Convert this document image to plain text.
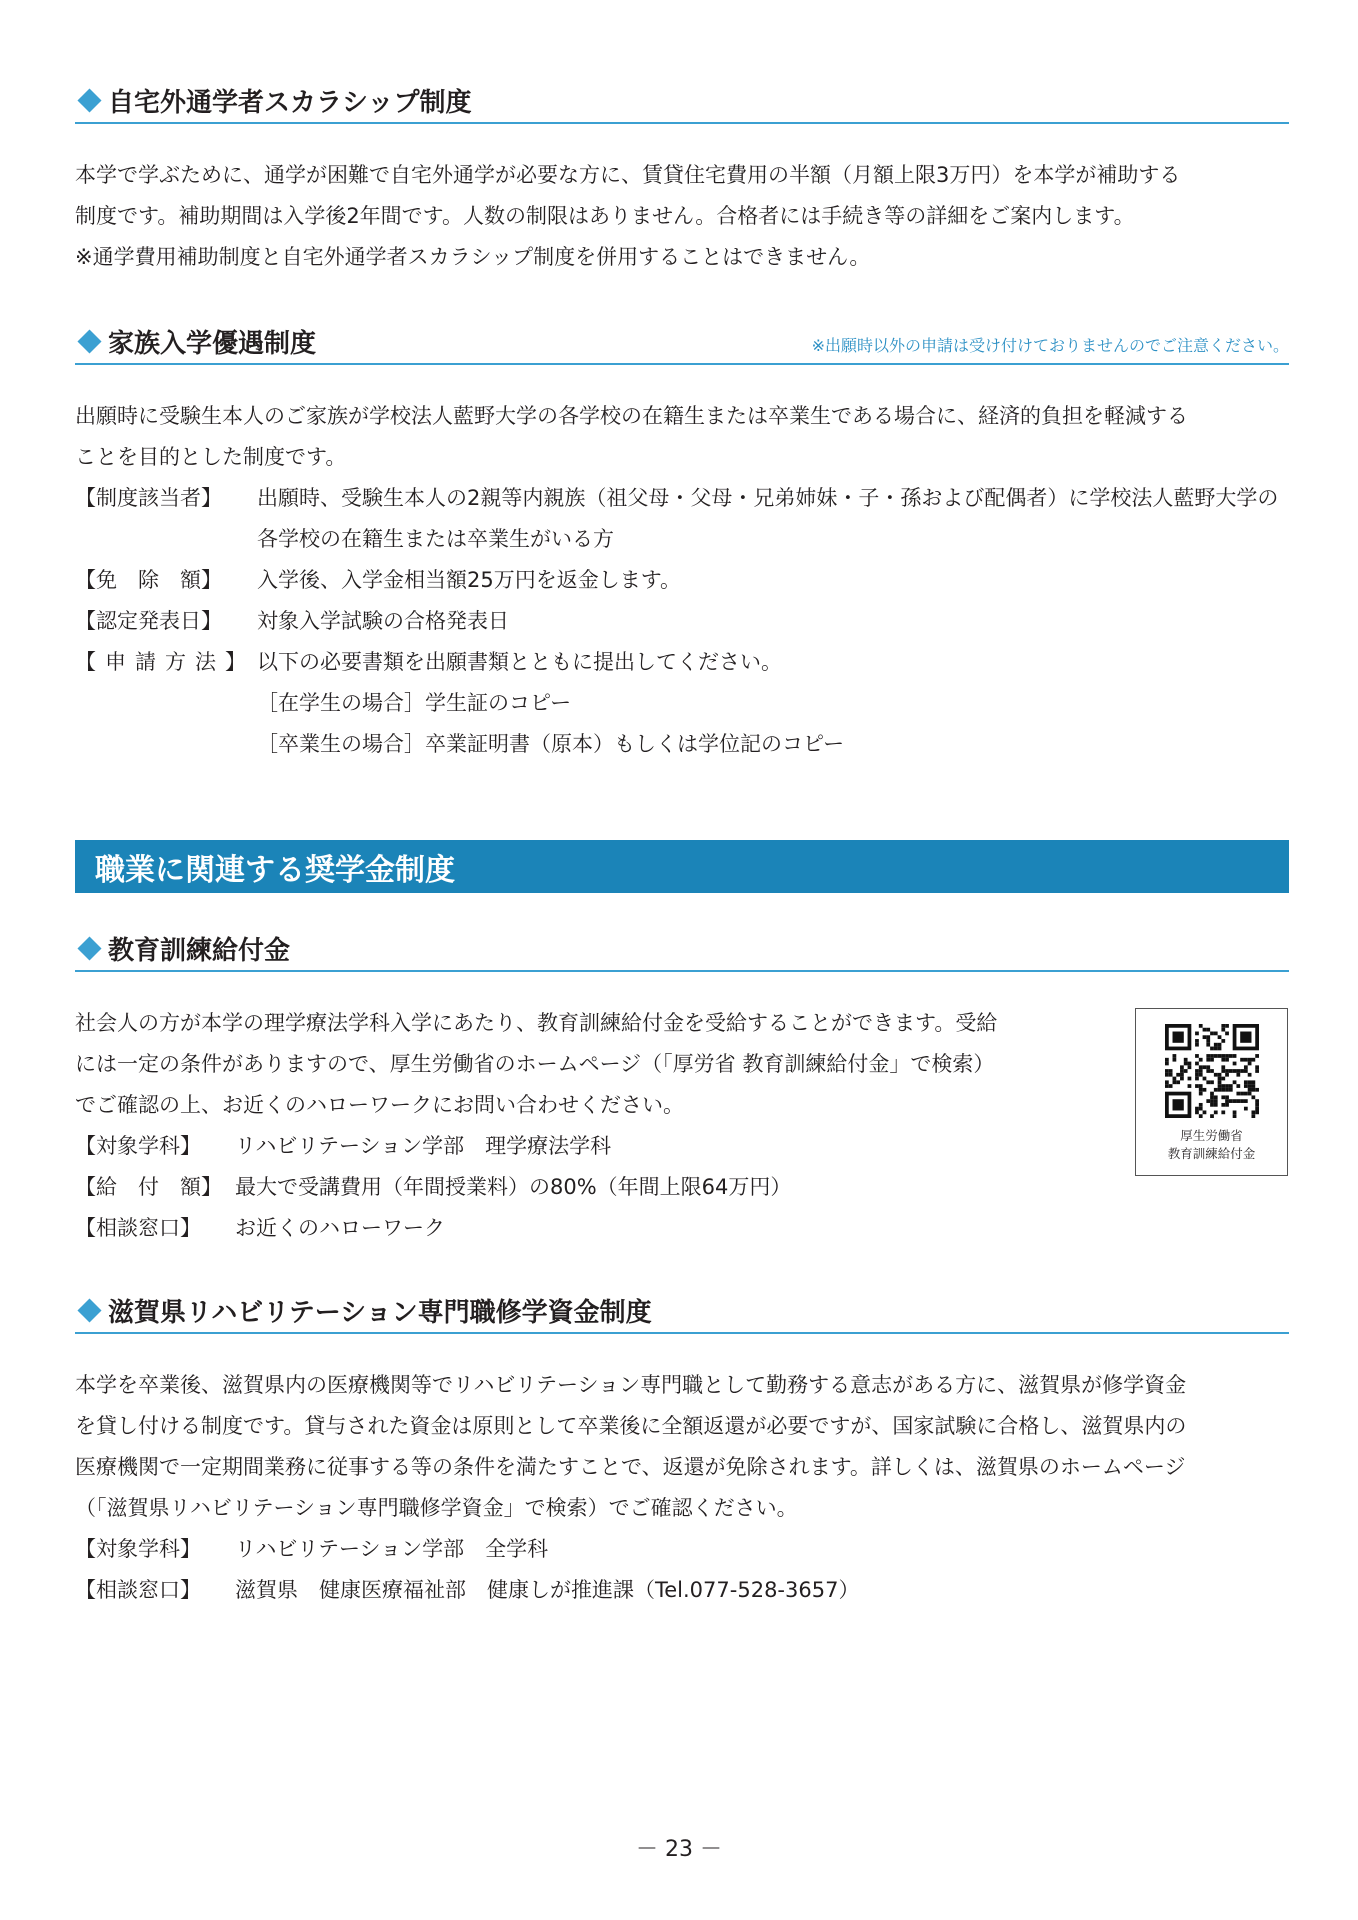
自宅外通学者スカラシップ制度
本学で学ぶために、通学が困難で自宅外通学が必要な方に、賃貸住宅費用の半額（月額上限3万円）を本学が補助する
制度です。補助期間は入学後2年間です。人数の制限はありません。合格者には手続き等の詳細をご案内します。
※通学費用補助制度と自宅外通学者スカラシップ制度を併用することはできません。
家族入学優遇制度	※出願時以外の申請は受け付けておりませんのでご注意ください。
出願時に受験生本人のご家族が学校法人藍野大学の各学校の在籍生または卒業生である場合に、経済的負担を軽減する
ことを目的とした制度です。
【制度該当者】	出願時、受験生本人の2親等内親族（祖父母・父母・兄弟姉妹・子・孫および配偶者）に学校法人藍野大学の各学校の在籍生または卒業生がいる方
【免　除　額】	入学後、入学金相当額25万円を返金します。
【認定発表日】	対象入学試験の合格発表日
【申請方法】 以下の必要書類を出願書類とともに提出してください。
［在学生の場合］学生証のコピー
［卒業生の場合］卒業証明書（原本）もしくは学位記のコピー
職業に関連する奨学金制度
教育訓練給付金
社会人の方が本学の理学療法学科入学にあたり、教育訓練給付金を受給することができます。受給
には一定の条件がありますので、厚生労働省のホームページ（「厚労省 教育訓練給付金」で検索）
でご確認の上、お近くのハローワークにお問い合わせください。
【対象学科】	リハビリテーション学部　理学療法学科
【給　付　額】 最大で受講費用（年間授業料）の80%（年間上限64万円）
【相談窓口】	お近くのハローワーク
厚生労働省
教育訓練給付金
滋賀県リハビリテーション専門職修学資金制度
本学を卒業後、滋賀県内の医療機関等でリハビリテーション専門職として勤務する意志がある方に、滋賀県が修学資金
を貸し付ける制度です。貸与された資金は原則として卒業後に全額返還が必要ですが、国家試験に合格し、滋賀県内の
医療機関で一定期間業務に従事する等の条件を満たすことで、返還が免除されます。詳しくは、滋賀県のホームページ
（「滋賀県リハビリテーション専門職修学資金」で検索）でご確認ください。
【対象学科】	リハビリテーション学部　全学科
【相談窓口】	滋賀県　健康医療福祉部　健康しが推進課（Tel.077-528-3657）
－ 23 －
